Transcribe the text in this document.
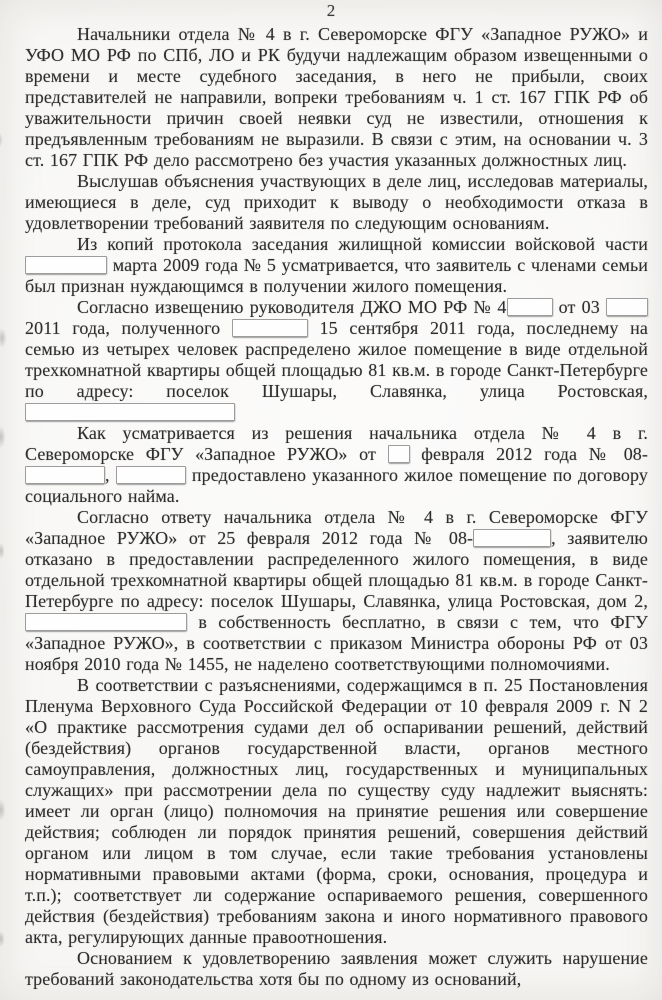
2

Начальники отдела № 4 в г. Североморске ФГУ «Западное РУЖО» и УФО МО РФ по СПб, ЛО и РК будучи надлежащим образом извещенными о времени и месте судебного заседания, в него не прибыли, своих представителей не направили, вопреки требованиям ч. 1 ст. 167 ГПК РФ об уважительности причин своей неявки суд не известили, отношения к предъявленным требованиям не выразили. В связи с этим, на основании ч. 3 ст. 167 ГПК РФ дело рассмотрено без участия указанных должностных лиц.

Выслушав объяснения участвующих в деле лиц, исследовав материалы, имеющиеся в деле, суд приходит к выводу о необходимости отказа в удовлетворении требований заявителя по следующим основаниям.

Из копий протокола заседания жилищной комиссии войсковой части  марта 2009 года № 5 усматривается, что заявитель с членами семьи был признан нуждающимся в получении жилого помещения.

Согласно извещению руководителя ДЖО МО РФ № 4	от 03  2011 года, полученного	15 сентября 2011 года, последнему на семью из четырех человек распределено жилое помещение в виде отдельной трехкомнатной квартиры общей площадью 81 кв.м. в городе Санкт-Петербурге по адресу: поселок Шушары, Славянка, улица Ростовская,

Как усматривается из решения начальника отдела № 4 в г. Североморске ФГУ «Западное РУЖО» от  февраля 2012 года № 08-,	предоставлено указанного жилое помещение по договору социального найма.

Согласно ответу начальника отдела № 4 в г. Североморске ФГУ «Западное РУЖО» от 25 февраля 2012 года № 08-	, заявителю отказано в предоставлении распределенного жилого помещения, в виде отдельной трехкомнатной квартиры общей площадью 81 кв.м. в городе Санкт-Петербурге по адресу: поселок Шушары, Славянка, улица Ростовская, дом 2,  в собственность бесплатно, в связи с тем, что ФГУ «Западное РУЖО», в соответствии с приказом Министра обороны РФ от 03 ноября 2010 года № 1455, не наделено соответствующими полномочиями.

В соответствии с разъяснениями, содержащимся в п. 25 Постановления Пленума Верховного Суда Российской Федерации от 10 февраля 2009 г. N 2 «О практике рассмотрения судами дел об оспаривании решений, действий (бездействия) органов государственной власти, органов местного самоуправления, должностных лиц, государственных и муниципальных служащих» при рассмотрении дела по существу суду надлежит выяснять: имеет ли орган (лицо) полномочия на принятие решения или совершение действия; соблюден ли порядок принятия решений, совершения действий органом или лицом в том случае, если такие требования установлены нормативными правовыми актами (форма, сроки, основания, процедура и т.п.); соответствует ли содержание оспариваемого решения, совершенного действия (бездействия) требованиям закона и иного нормативного правового акта, регулирующих данные правоотношения.

Основанием к удовлетворению заявления может служить нарушение требований законодательства хотя бы по одному из оснований,
